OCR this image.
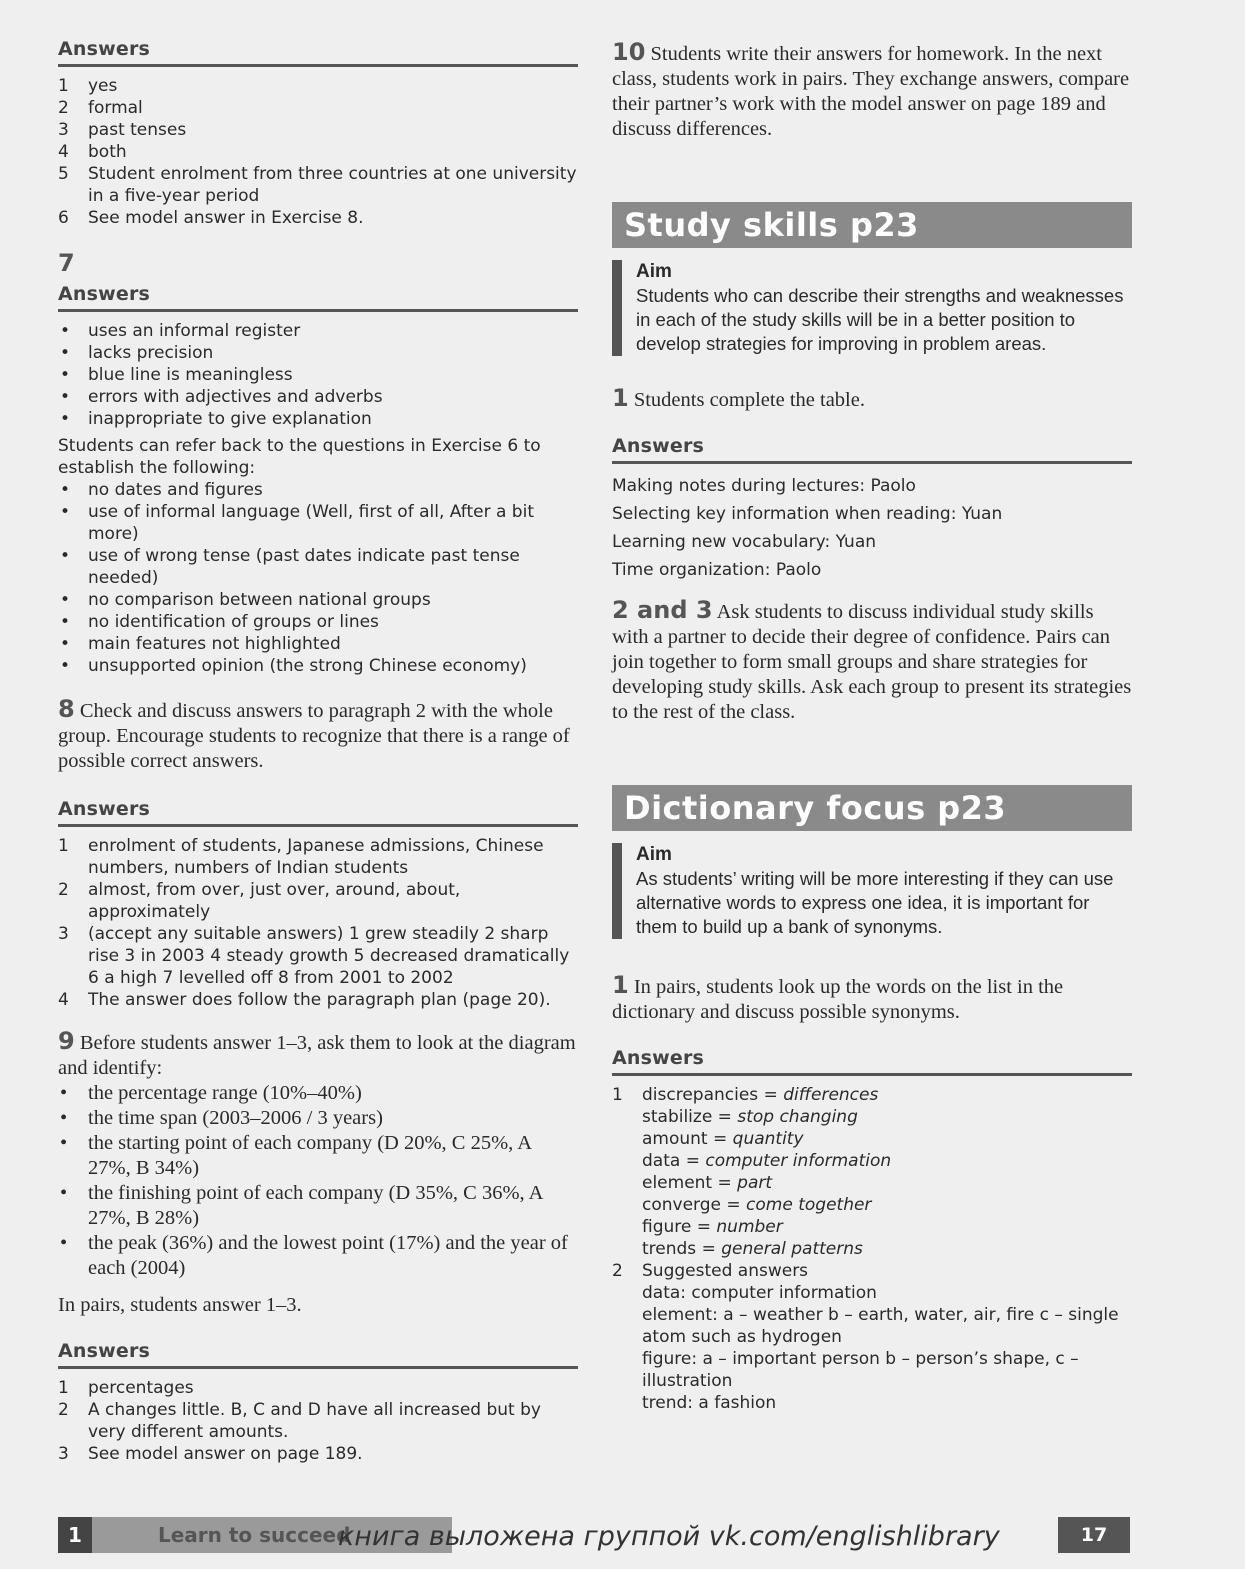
Answers
1 yes
2 formal
3 past tenses
4 both
5 Student enrolment from three countries at one university in a five-year period
6 See model answer in Exercise 8.
7
Answers
• uses an informal register
• lacks precision
• blue line is meaningless
• errors with adjectives and adverbs
• inappropriate to give explanation

Students can refer back to the questions in Exercise 6 to establish the following:

• no dates and figures
• use of informal language (Well, first of all, After a bit more)
• use of wrong tense (past dates indicate past tense needed)
• no comparison between national groups
• no identification of groups or lines
• main features not highlighted
• unsupported opinion (the strong Chinese economy)

8 Check and discuss answers to paragraph 2 with the whole group. Encourage students to recognize that there is a range of possible correct answers.

Answers
1 enrolment of students, Japanese admissions, Chinese numbers, numbers of Indian students
2 almost, from over, just over, around, about, approximately
3 (accept any suitable answers) 1 grew steadily 2 sharp rise 3 in 2003 4 steady growth 5 decreased dramatically 6 a high 7 levelled off 8 from 2001 to 2002
4 The answer does follow the paragraph plan (page 20).

9 Before students answer 1–3, ask them to look at the diagram and identify:

• the percentage range (10%–40%)
• the time span (2003–2006 / 3 years)
• the starting point of each company (D 20%, C 25%, A 27%, B 34%)
• the finishing point of each company (D 35%, C 36%, A 27%, B 28%)
• the peak (36%) and the lowest point (17%) and the year of each (2004)

In pairs, students answer 1–3.

Answers
1 percentages
2 A changes little. B, C and D have all increased but by very different amounts.
3 See model answer on page 189.

10 Students write their answers for homework. In the next class, students work in pairs. They exchange answers, compare their partner’s work with the model answer on page 189 and discuss differences.

Study skills p23
Aim
Students who can describe their strengths and weaknesses in each of the study skills will be in a better position to develop strategies for improving in problem areas.

1 Students complete the table.

Answers
Making notes during lectures: Paolo
Selecting key information when reading: Yuan
Learning new vocabulary: Yuan
Time organization: Paolo

2 and 3 Ask students to discuss individual study skills with a partner to decide their degree of confidence. Pairs can join together to form small groups and share strategies for developing study skills. Ask each group to present its strategies to the rest of the class.

Dictionary focus p23
Aim
As students’ writing will be more interesting if they can use alternative words to express one idea, it is important for them to build up a bank of synonyms.

1 In pairs, students look up the words on the list in the dictionary and discuss possible synonyms.

Answers
1 discrepancies = differences
stabilize = stop changing
amount = quantity
data = computer information
element = part
converge = come together
figure = number
trends = general patterns
2 Suggested answers
data: computer information
element: a – weather b – earth, water, air, fire c – single atom such as hydrogen
figure: a – important person b – person’s shape, c – illustration
trend: a fashion
1	Learn to succeed
книга выложена группой vk.com/englishlibrary	17
